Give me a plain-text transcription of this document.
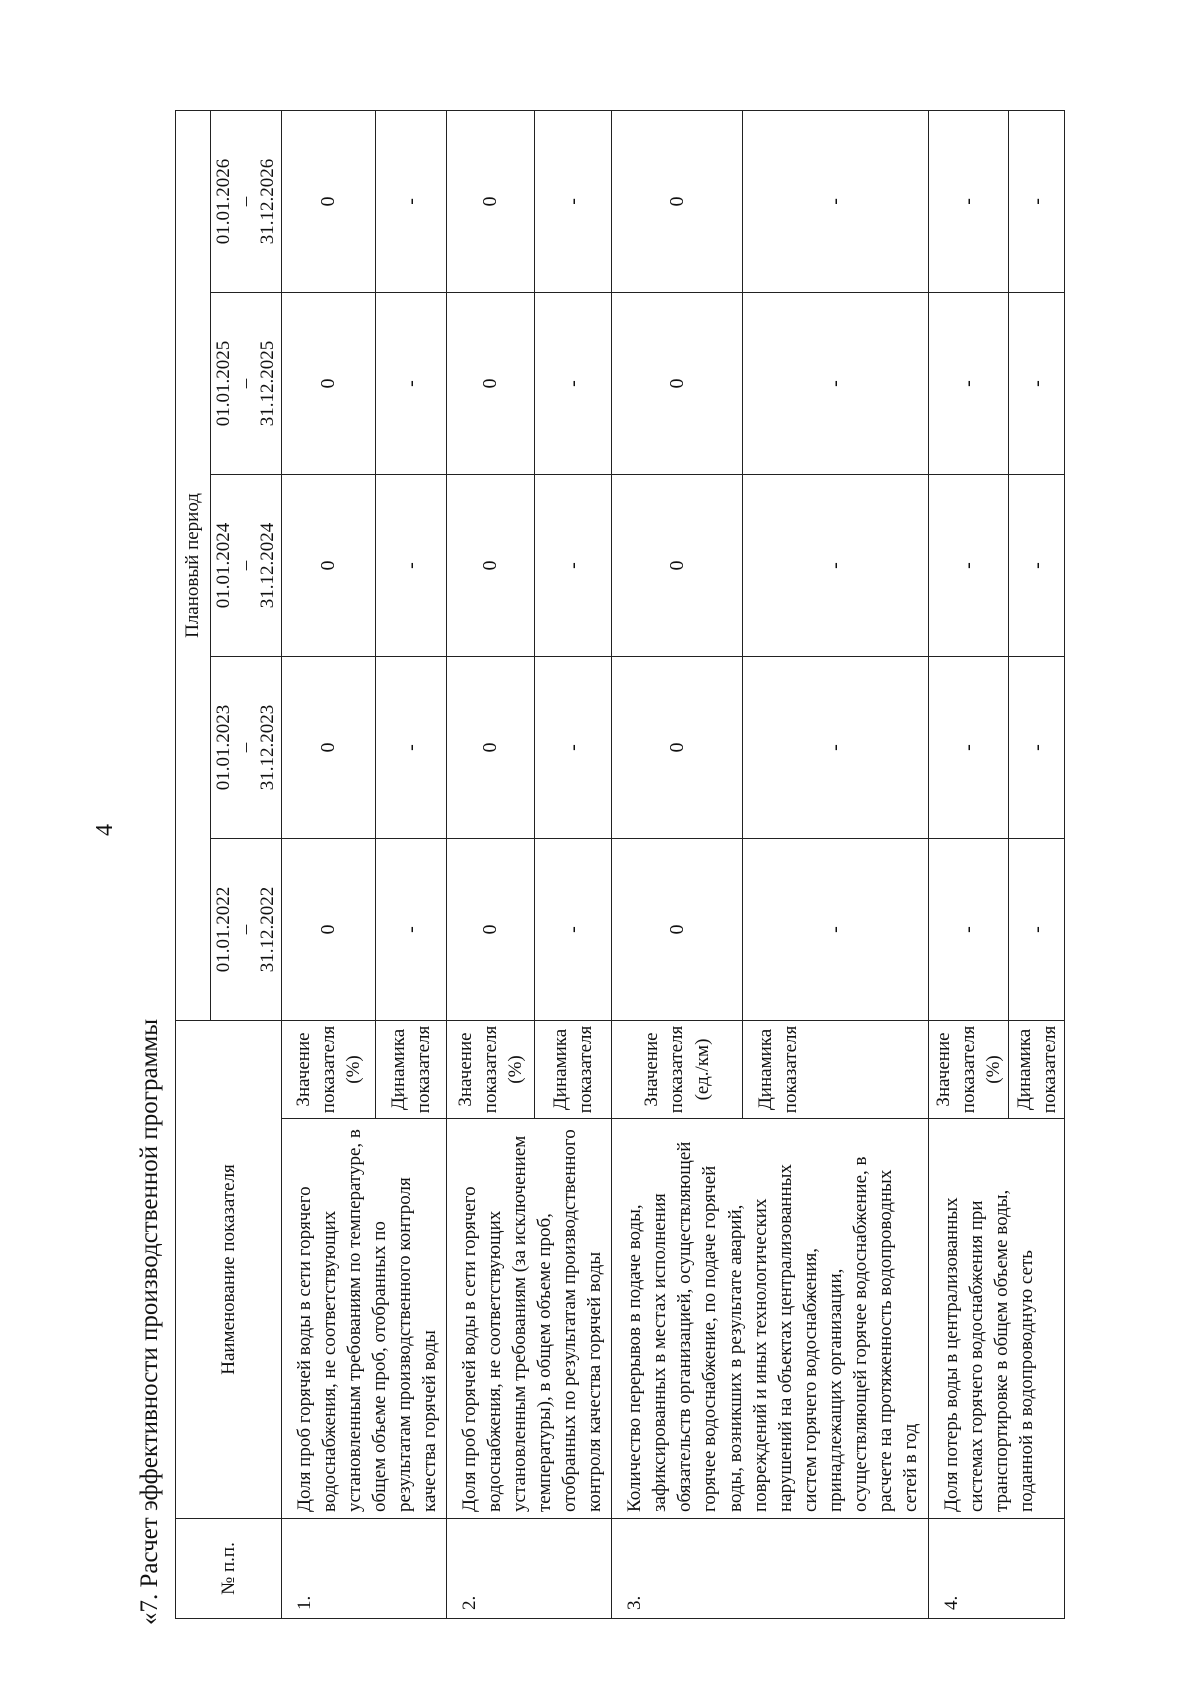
4
«7. Расчет эффективности производственной программы	№ п.п.	Наименование показателя		Плановый период				

			01.01.2022 – 31.12.2022	01.01.2023 – 31.12.2023	01.01.2024 – 31.12.2024	01.01.2025 – 31.12.2025	01.01.2026 – 31.12.2026

1.	Доля проб горячей воды в сети горячего водоснабжения, не соответствующих установленным требованиям по температуре, в общем объеме проб, отобранных по результатам производственного контроля качества горячей воды	Значение показателя (%)	0	0	0	0	0
		Динамика показателя	-	-	-	-	-
2.	Доля проб горячей воды в сети горячего водоснабжения, не соответствующих установленным требованиям (за исключением температуры), в общем объеме проб, отобранных по результатам производственного контроля качества горячей воды	Значение показателя (%)	0	0	0	0	0
		Динамика показателя	-	-	-	-	-
3.	Количество перерывов в подаче воды, зафиксированных в местах исполнения обязательств организацией, осуществляющей горячее водоснабжение, по подаче горячей воды, возникших в результате аварий, повреждений и иных технологических нарушений на объектах централизованных систем горячего водоснабжения, принадлежащих организации, осуществляющей горячее водоснабжение, в расчете на протяженность водопроводных сетей в год	Значение показателя (ед./км)	0	0	0	0	0
		Динамика показателя	-	-	-	-	-
4.	Доля потерь воды в централизованных системах горячего водоснабжения при транспортировке в общем объеме воды, поданной в водопроводную сеть	Значение показателя (%)	-	-	-	-	-
		Динамика показателя	-	-	-	-	-
